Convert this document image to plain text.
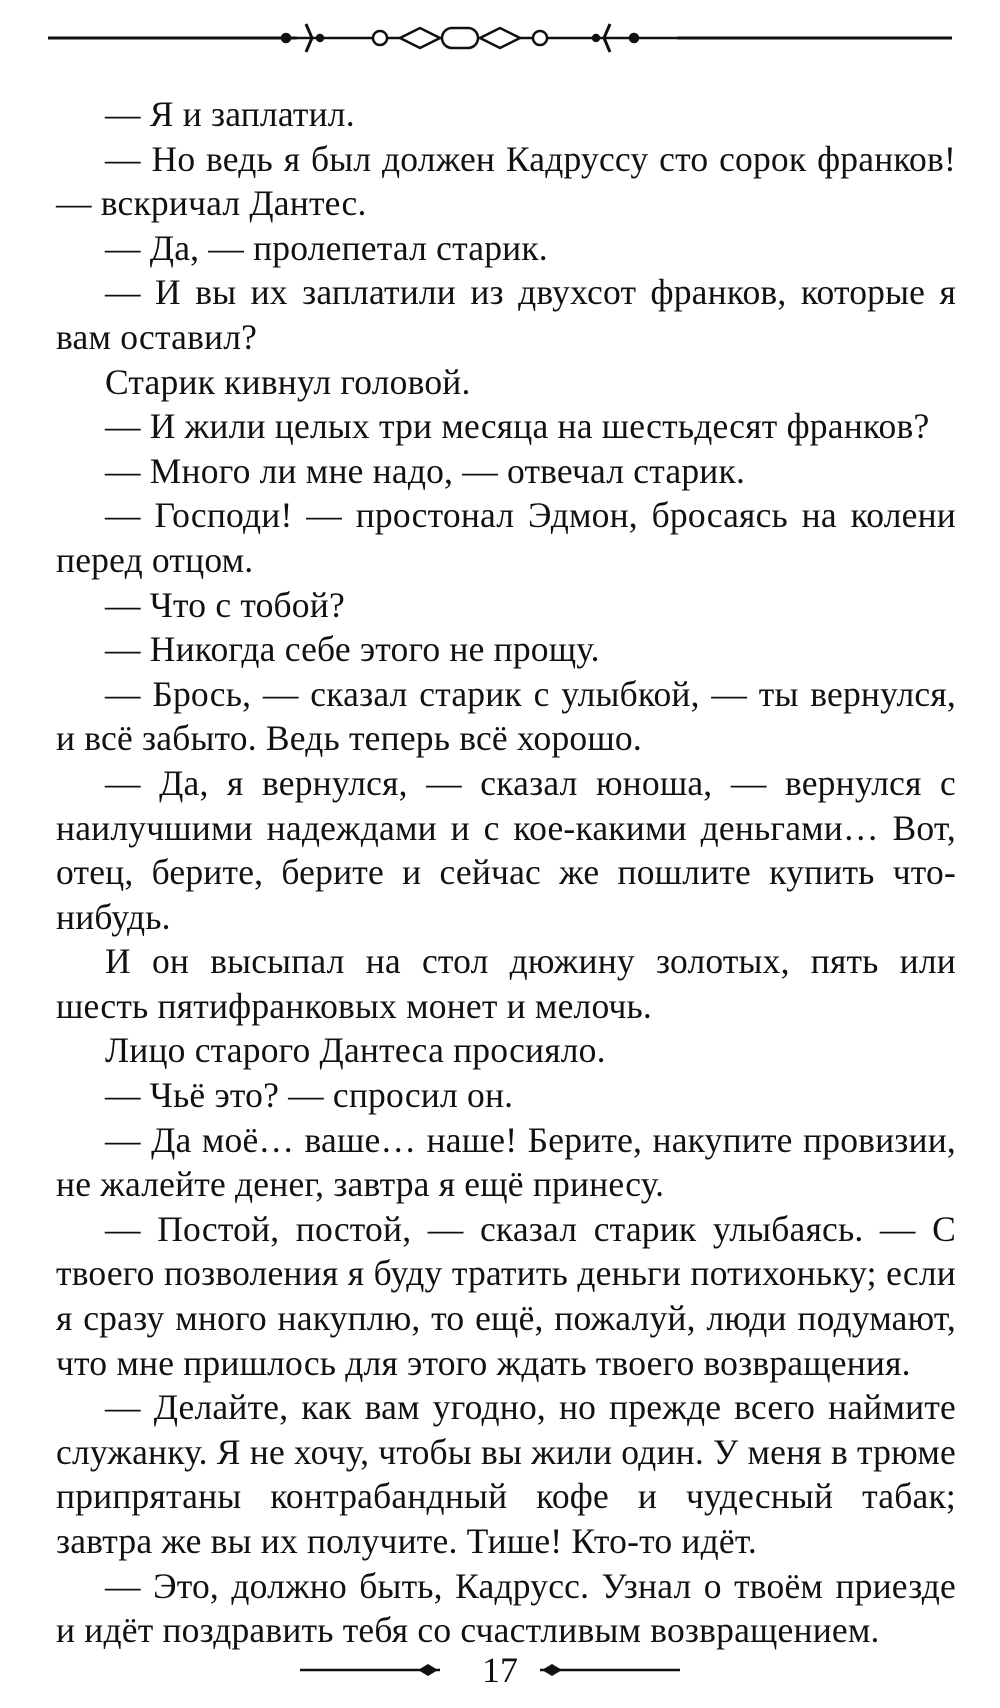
— Я и заплатил.

— Но ведь я был должен Кадруссу сто сорок франков! — вскричал Дантес.

— Да, — пролепетал старик.

— И вы их заплатили из двухсот франков, которые я вам оставил?

Старик кивнул головой.

— И жили целых три месяца на шестьдесят франков?

— Много ли мне надо, — отвечал старик.

— Господи! — простонал Эдмон, бросаясь на колени перед отцом.

— Что с тобой?

— Никогда себе этого не прощу.

— Брось, — сказал старик с улыбкой, — ты вернулся, и всё забыто. Ведь теперь всё хорошо.

— Да, я вернулся, — сказал юноша, — вернулся с наилучшими надеждами и с кое-какими деньгами… Вот, отец, берите, берите и сейчас же пошлите купить что-нибудь.

И он высыпал на стол дюжину золотых, пять или шесть пятифранковых монет и мелочь.

Лицо старого Дантеса просияло.

— Чьё это? — спросил он.

— Да моё… ваше… наше! Берите, накупите провизии, не жалейте денег, завтра я ещё принесу.

— Постой, постой, — сказал старик улыбаясь. — С твоего позволения я буду тратить деньги потихоньку; если я сразу много накуплю, то ещё, пожалуй, люди подумают, что мне пришлось для этого ждать твоего возвращения.

— Делайте, как вам угодно, но прежде всего наймите служанку. Я не хочу, чтобы вы жили один. У меня в трюме припрятаны контрабандный кофе и чудесный табак; завтра же вы их получите. Тише! Кто-то идёт.

— Это, должно быть, Кадрусс. Узнал о твоём приезде и идёт поздравить тебя со счастливым возвращением.

17
